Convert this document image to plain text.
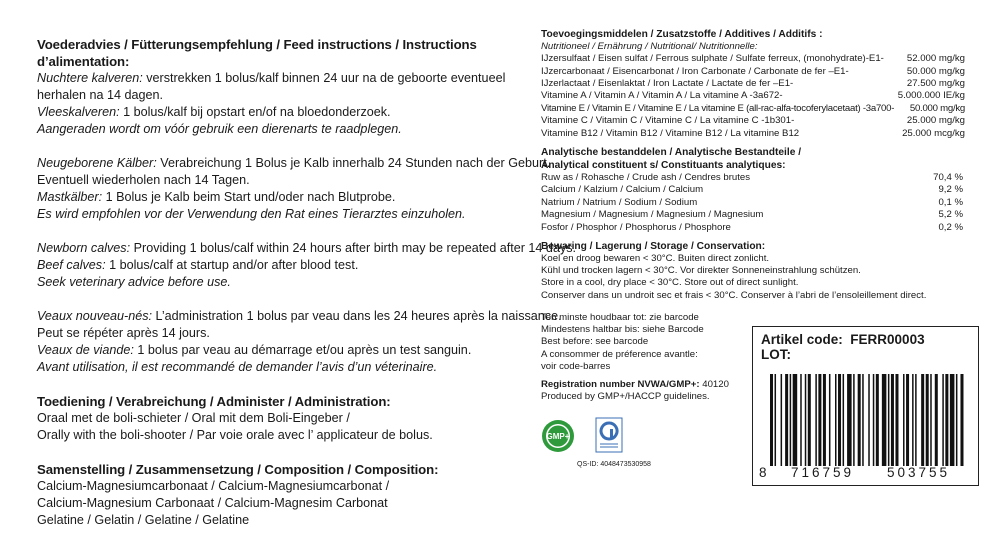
Voederadvies / Fütterungsempfehlung / Feed instructions / Instructions d’alimentation:
Nuchtere kalveren: verstrekken 1 bolus/kalf binnen 24 uur na de geboorte eventueel
herhalen na 14 dagen.
Vleeskalveren: 1 bolus/kalf bij opstart en/of na bloedonderzoek.
Aangeraden wordt om vóór gebruik een dierenarts te raadplegen.
Neugeborene Kälber: Verabreichung 1 Bolus je Kalb innerhalb 24 Stunden nach der Geburt.
Eventuell wiederholen nach 14 Tagen.
Mastkälber: 1 Bolus je Kalb beim Start und/oder nach Blutprobe.
Es wird empfohlen vor der Verwendung den Rat eines Tierarztes einzuholen.
Newborn calves: Providing 1 bolus/calf within 24 hours after birth may be repeated after 14 days.
Beef calves: 1 bolus/calf at startup and/or after blood test.
Seek veterinary advice before use.
Veaux nouveau-nés: L’administration 1 bolus par veau dans les 24 heures après la naissance.
Peut se répéter après 14 jours.
Veaux de viande: 1 bolus par veau au démarrage et/ou après un test sanguin.
Avant utilisation, il est recommandé de demander l’avis d’un véterinaire.
Toediening / Verabreichung / Administer / Administration:
Oraal met de boli-schieter / Oral mit dem Boli-Eingeber /
Orally with the boli-shooter / Par voie orale avec l’ applicateur de bolus.
Samenstelling / Zusammensetzung / Composition / Composition:
Calcium-Magnesiumcarbonaat / Calcium-Magnesiumcarbonat /
Calcium-Magnesium Carbonaat / Calcium-Magnesim Carbonat
Gelatine / Gelatin / Gelatine / Gelatine
Toevoegingsmiddelen / Zusatzstoffe / Additives / Additifs :
Nutritioneel / Ernährung / Nutritional/ Nutritionnelle:
IJzersulfaat / Eisen sulfat / Ferrous sulphate / Sulfate ferreux, (monohydrate)-E1- 52.000 mg/kg
IJzercarbonaat / Eisencarbonat / Iron Carbonate / Carbonate de fer –E1-	50.000 mg/kg
IJzerlactaat / Eisenlaktat / Iron Lactate / Lactate de fer –E1-	27.500 mg/kg
Vitamine A / Vitamin A / Vitamin A / La vitamine A -3a672-	5.000.000 IE/kg
Vitamine E / Vitamin E / Vitamine E / La vitamine E (all-rac-alfa-tocoferylacetaat) -3a700- 50.000 mg/kg
Vitamine C / Vitamin C / Vitamine C / La vitamine C -1b301-	25.000 mg/kg
Vitamine B12 / Vitamin B12 / Vitamine B12 / La vitamine B12	25.000 mcg/kg
Analytische bestanddelen / Analytische Bestandteile /
Analytical constituent s/ Constituants analytiques:
Ruw as / Rohasche / Crude ash / Cendres brutes	70,4 %
Calcium / Kalzium / Calcium / Calcium	9,2 %
Natrium / Natrium / Sodium / Sodium	0,1 %
Magnesium / Magnesium / Magnesium / Magnesium	5,2 %
Fosfor / Phosphor / Phosphorus / Phosphore	0,2 %
Bewaring / Lagerung / Storage / Conservation:
Koel en droog bewaren < 30°C. Buiten direct zonlicht.
Kühl und trocken lagern < 30°C. Vor direkter Sonneneinstrahlung schützen.
Store in a cool, dry place < 30°C. Store out of direct sunlight.
Conserver dans un undroit sec et frais < 30°C. Conserver à l’abri de l’ensoleillement direct.
Ten minste houdbaar tot: zie barcode
Mindestens haltbar bis: siehe Barcode
Best before: see barcode
A consommer de préference avantle:
voir code-barres
Registration number NVWA/GMP+: 40120
Produced by GMP+/HACCP guidelines.
GMP+

QS-ID: 4048473530958
Artikel code: FERR00003
LOT:
8 716759 503755
